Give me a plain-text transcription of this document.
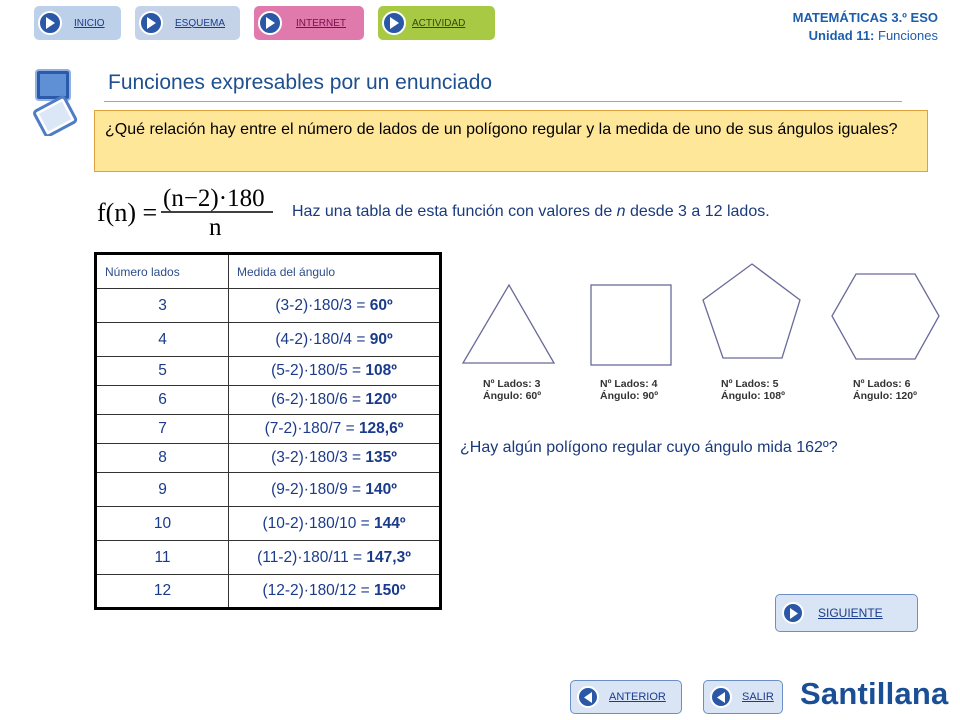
INICIO	ESQUEMA	INTERNET	ACTIVIDAD	MATEMÁTICAS 3.º ESO
Unidad 11: Funciones
Funciones expresables por un enunciado
¿Qué relación hay entre el número de lados de un polígono regular y la medida de uno de sus ángulos iguales?
f(n) = (n−2)·180
n
Haz una tabla de esta función con valores de n desde 3 a 12 lados.
Número lados	Medida del ángulo
3	(3-2)·180/3 = 60º
4	(4-2)·180/4 = 90º
5	(5-2)·180/5 = 108º
6	(6-2)·180/6 = 120º
7	(7-2)·180/7 = 128,6º
8	(3-2)·180/3 = 135º
9	(9-2)·180/9 = 140º
10	(10-2)·180/10 = 144º
11	(11-2)·180/11 = 147,3º
12	(12-2)·180/12 = 150º
Nº Lados: 3
Ángulo: 60º
Nº Lados: 4
Ángulo: 90º
Nº Lados: 5
Ángulo: 108º
Nº Lados: 6
Ángulo: 120º
¿Hay algún polígono regular cuyo ángulo mida 162º?
SIGUIENTE
ANTERIOR	SALIR Santillana
